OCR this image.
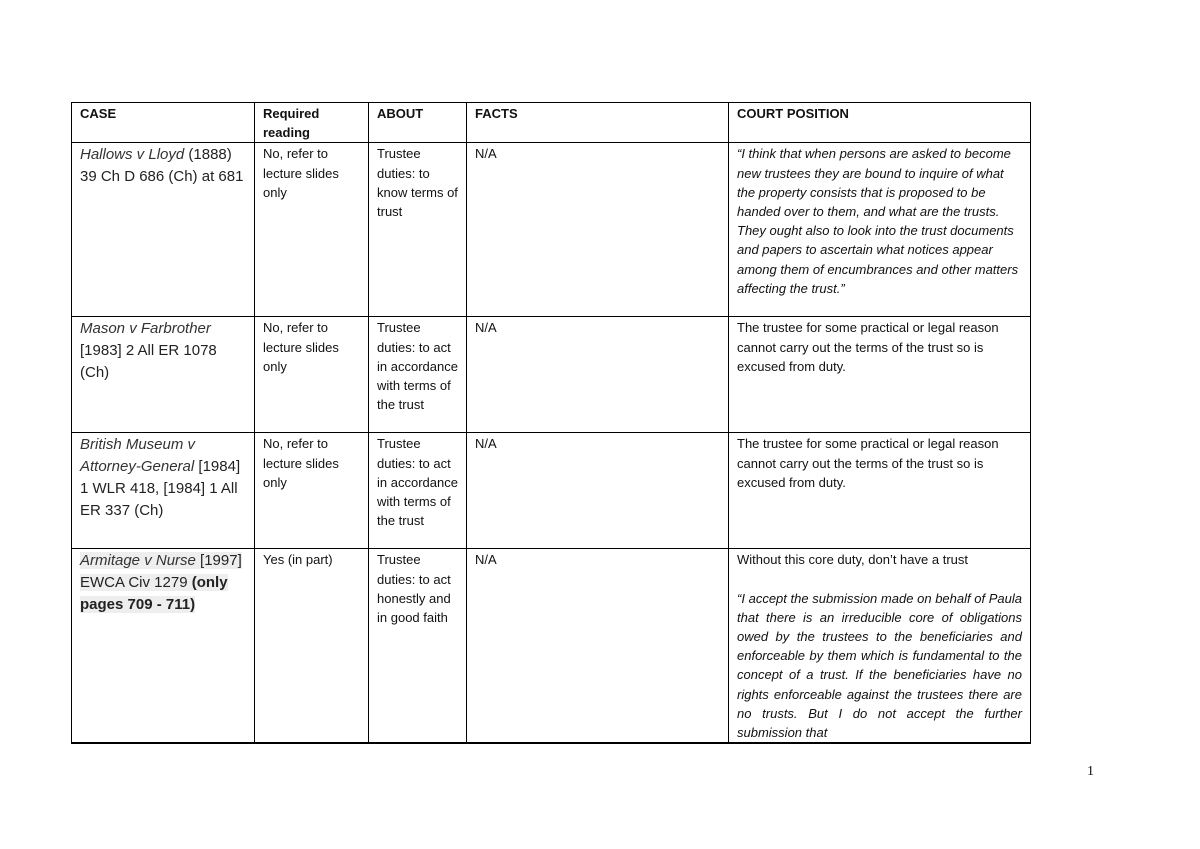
CASE	Required reading	ABOUT	FACTS	COURT POSITION
Hallows v Lloyd (1888) 39 Ch D 686 (Ch) at 681	No, refer to lecture slides only	Trustee duties: to know terms of trust	N/A	“I think that when persons are asked to become new trustees they are bound to inquire of what the property consists that is proposed to be handed over to them, and what are the trusts. They ought also to look into the trust documents and papers to ascertain what notices appear among them of encumbrances and other matters affecting the trust.”
Mason v Farbrother [1983] 2 All ER 1078 (Ch)	No, refer to lecture slides only	Trustee duties: to act in accordance with terms of the trust	N/A	The trustee for some practical or legal reason cannot carry out the terms of the trust so is excused from duty.
British Museum v Attorney-General [1984] 1 WLR 418, [1984] 1 All ER 337 (Ch)	No, refer to lecture slides only	Trustee duties: to act in accordance with terms of the trust	N/A	The trustee for some practical or legal reason cannot carry out the terms of the trust so is excused from duty.
Armitage v Nurse [1997] EWCA Civ 1279 (only pages 709 - 711)	Yes (in part)	Trustee duties: to act honestly and in good faith	N/A	Without this core duty, don’t have a trust
“I accept the submission made on behalf of Paula that there is an irreducible core of obligations owed by the trustees to the beneficiaries and enforceable by them which is fundamental to the concept of a trust. If the beneficiaries have no rights enforceable against the trustees there are no trusts. But I do not accept the further submission that
1
